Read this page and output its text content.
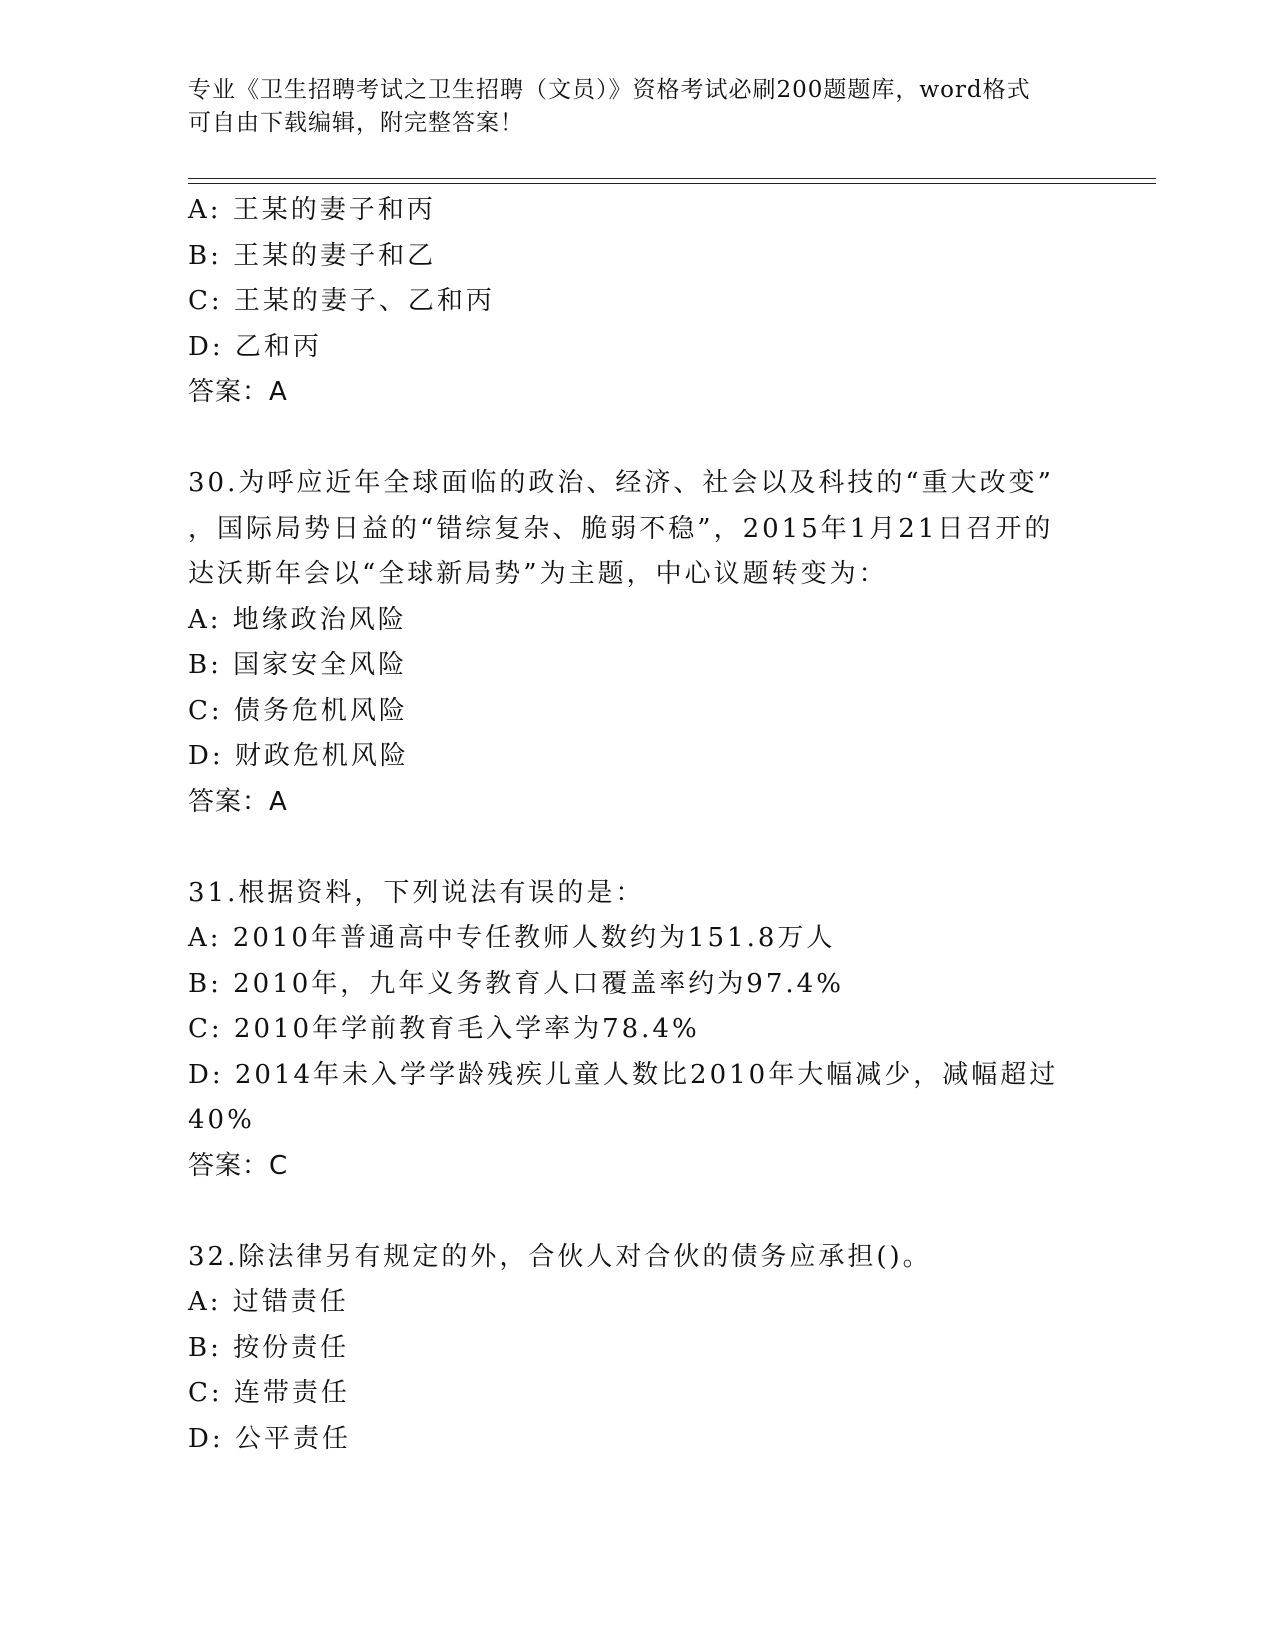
专业《卫生招聘考试之卫生招聘（文员）》资格考试必刷200题题库，word格式
可自由下载编辑，附完整答案！
A: 王某的妻子和丙
B: 王某的妻子和乙
C: 王某的妻子、乙和丙
D: 乙和丙
答案：A
30.为呼应近年全球面临的政治、经济、社会以及科技的“重大改变”
，国际局势日益的“错综复杂、脆弱不稳”，2015年1月21日召开的
达沃斯年会以“全球新局势”为主题，中心议题转变为：
A: 地缘政治风险
B: 国家安全风险
C: 债务危机风险
D: 财政危机风险
答案：A
31.根据资料，下列说法有误的是：
A: 2010年普通高中专任教师人数约为151.8万人
B: 2010年，九年义务教育人口覆盖率约为97.4%
C: 2010年学前教育毛入学率为78.4%
D: 2014年未入学学龄残疾儿童人数比2010年大幅减少，减幅超过
40%
答案：C
32.除法律另有规定的外，合伙人对合伙的债务应承担()。
A: 过错责任
B: 按份责任
C: 连带责任
D: 公平责任
